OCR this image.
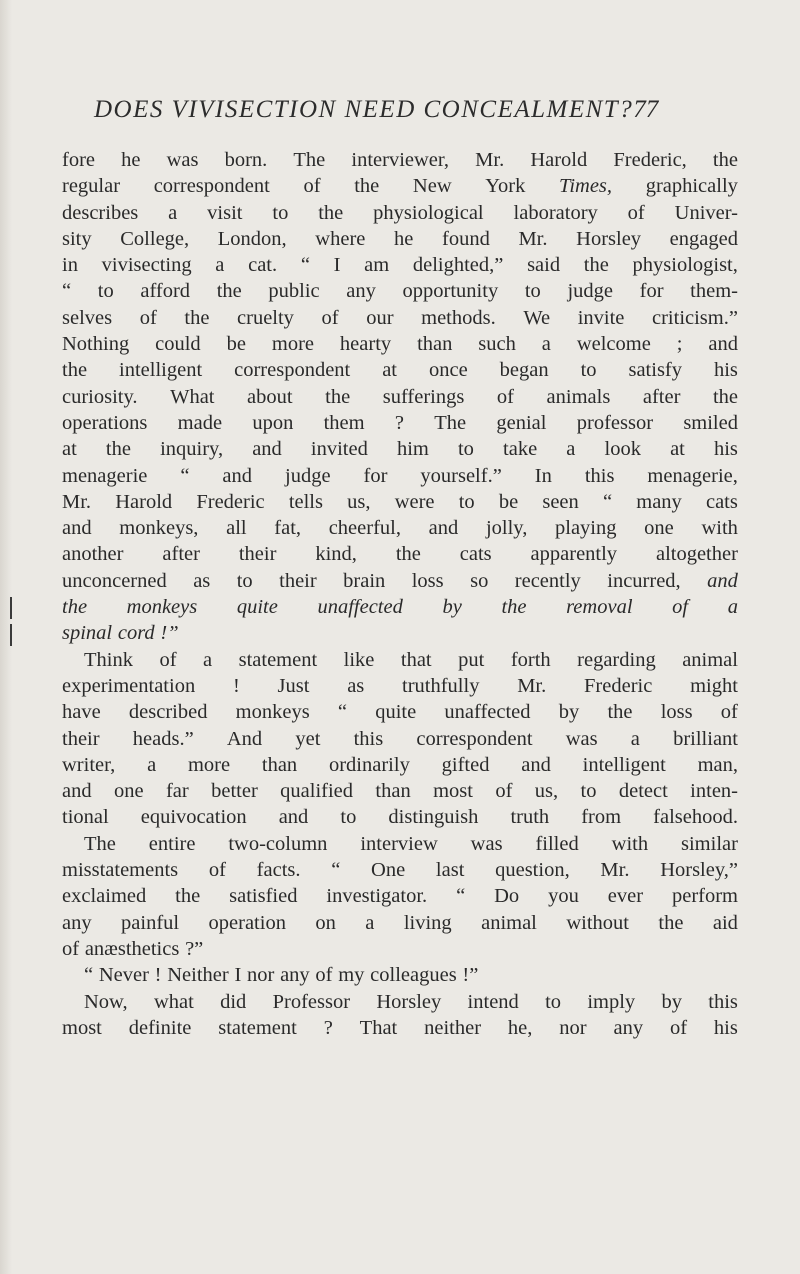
DOES VIVISECTION NEED CONCEALMENT?77
fore he was born. The interviewer, Mr. Harold Frederic, the
regular correspondent of the New York Times, graphically
describes a visit to the physiological laboratory of Univer-
sity College, London, where he found Mr. Horsley engaged
in vivisecting a cat. “ I am delighted,” said the physiologist,
“ to afford the public any opportunity to judge for them-
selves of the cruelty of our methods. We invite criticism.”
Nothing could be more hearty than such a welcome ; and
the intelligent correspondent at once began to satisfy his
curiosity. What about the sufferings of animals after the
operations made upon them ? The genial professor smiled
at the inquiry, and invited him to take a look at his
menagerie “ and judge for yourself.” In this menagerie,
Mr. Harold Frederic tells us, were to be seen “ many cats
and monkeys, all fat, cheerful, and jolly, playing one with
another after their kind, the cats apparently altogether
unconcerned as to their brain loss so recently incurred, and
the monkeys quite unaffected by the removal of a
spinal cord !”
Think of a statement like that put forth regarding animal
experimentation ! Just as truthfully Mr. Frederic might
have described monkeys “ quite unaffected by the loss of
their heads.” And yet this correspondent was a brilliant
writer, a more than ordinarily gifted and intelligent man,
and one far better qualified than most of us, to detect inten-
tional equivocation and to distinguish truth from falsehood.
The entire two-column interview was filled with similar
misstatements of facts. “ One last question, Mr. Horsley,”
exclaimed the satisfied investigator. “ Do you ever perform
any painful operation on a living animal without the aid
of anæsthetics ?”
“ Never ! Neither I nor any of my colleagues !”
Now, what did Professor Horsley intend to imply by this
most definite statement ? That neither he, nor any of his
